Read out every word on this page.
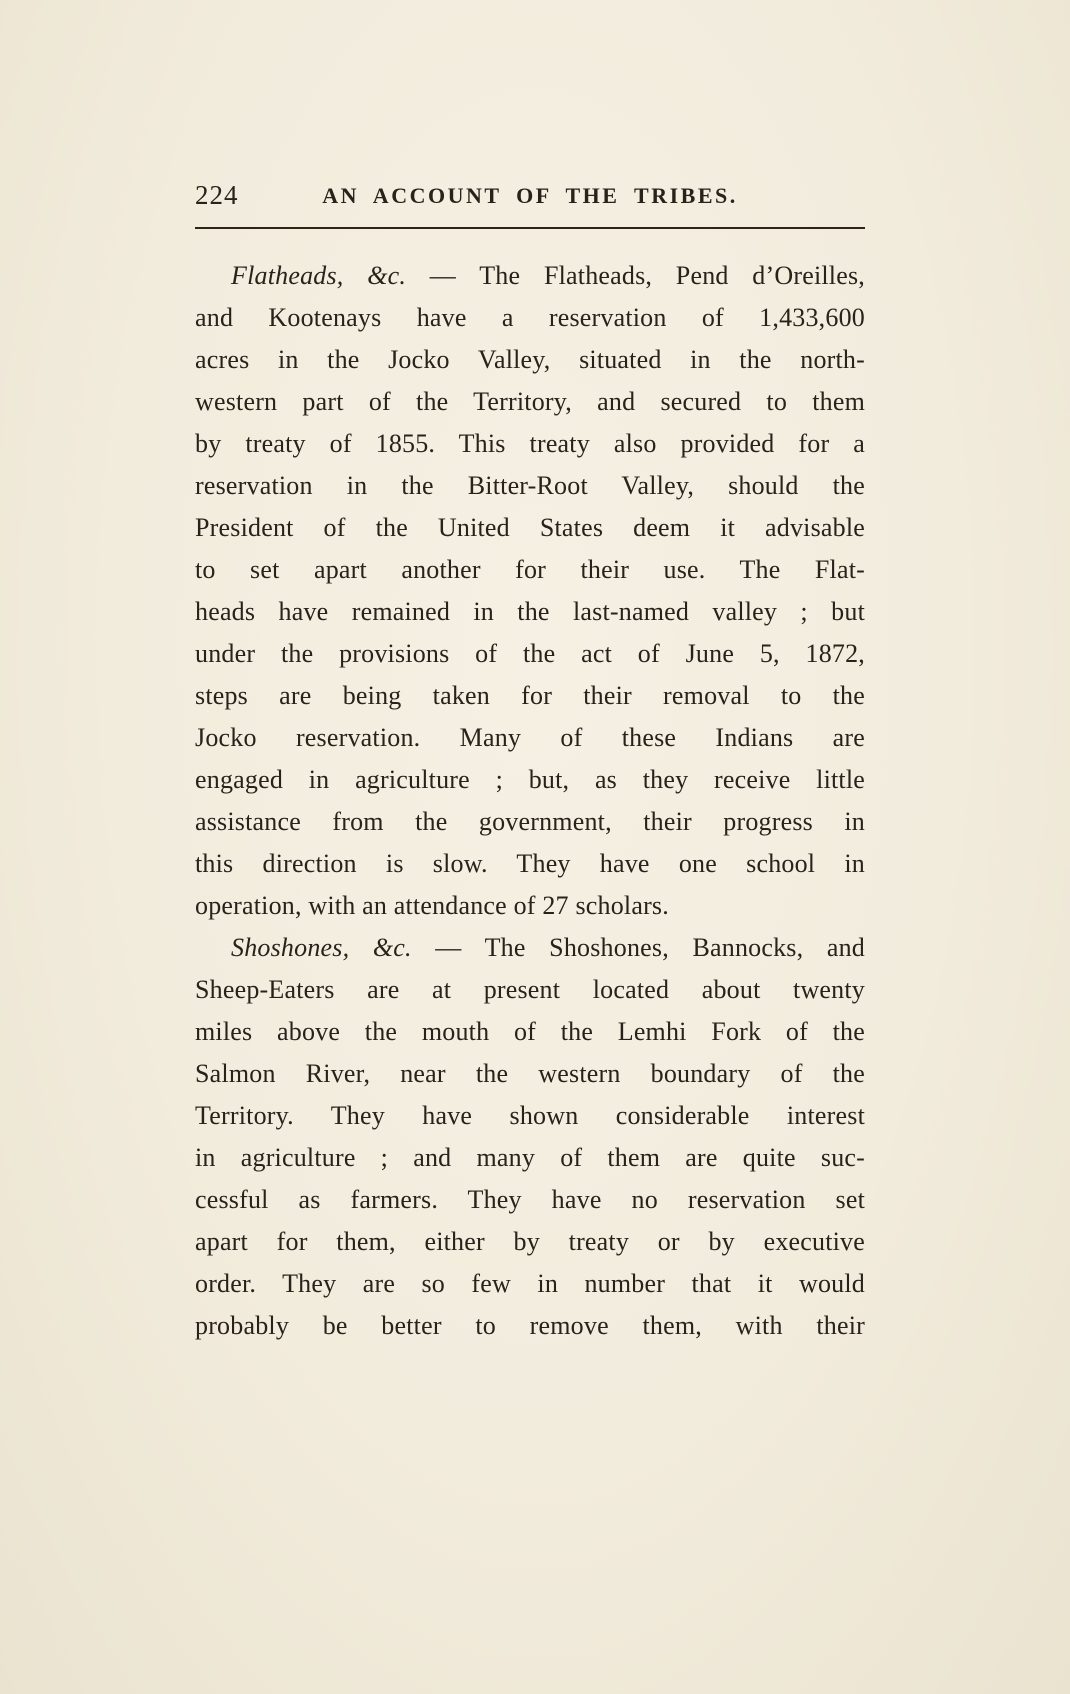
224	AN ACCOUNT OF THE TRIBES.
Flatheads, &c. — The Flatheads, Pend d’Oreilles,
and Kootenays have a reservation of 1,433,600
acres in the Jocko Valley, situated in the north-
western part of the Territory, and secured to them
by treaty of 1855. This treaty also provided for a
reservation in the Bitter-Root Valley, should the
President of the United States deem it advisable
to set apart another for their use. The Flat-
heads have remained in the last-named valley ; but
under the provisions of the act of June 5, 1872,
steps are being taken for their removal to the
Jocko reservation. Many of these Indians are
engaged in agriculture ; but, as they receive little
assistance from the government, their progress in
this direction is slow. They have one school in
operation, with an attendance of 27 scholars.
Shoshones, &c. — The Shoshones, Bannocks, and
Sheep-Eaters are at present located about twenty
miles above the mouth of the Lemhi Fork of the
Salmon River, near the western boundary of the
Territory. They have shown considerable interest
in agriculture ; and many of them are quite suc-
cessful as farmers. They have no reservation set
apart for them, either by treaty or by executive
order. They are so few in number that it would
probably be better to remove them, with their
